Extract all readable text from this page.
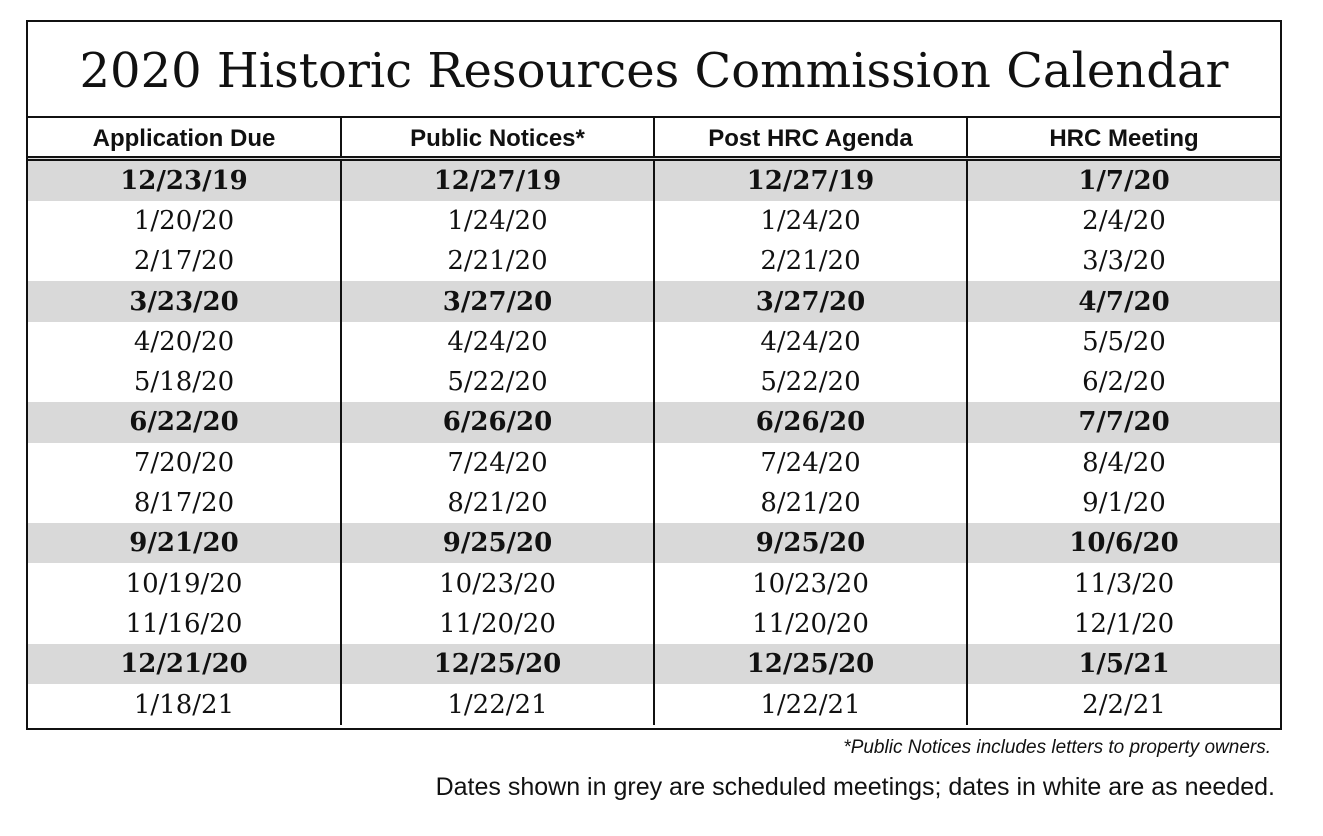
2020 Historic Resources Commission Calendar
Application Due	Public Notices*	Post HRC Agenda	HRC Meeting
12/23/19	12/27/19	12/27/19	1/7/20
1/20/20	1/24/20	1/24/20	2/4/20
2/17/20	2/21/20	2/21/20	3/3/20
3/23/20	3/27/20	3/27/20	4/7/20
4/20/20	4/24/20	4/24/20	5/5/20
5/18/20	5/22/20	5/22/20	6/2/20
6/22/20	6/26/20	6/26/20	7/7/20
7/20/20	7/24/20	7/24/20	8/4/20
8/17/20	8/21/20	8/21/20	9/1/20
9/21/20	9/25/20	9/25/20	10/6/20
10/19/20	10/23/20	10/23/20	11/3/20
11/16/20	11/20/20	11/20/20	12/1/20
12/21/20	12/25/20	12/25/20	1/5/21
1/18/21	1/22/21	1/22/21	2/2/21
*Public Notices includes letters to property owners.
Dates shown in grey are scheduled meetings; dates in white are as needed.
